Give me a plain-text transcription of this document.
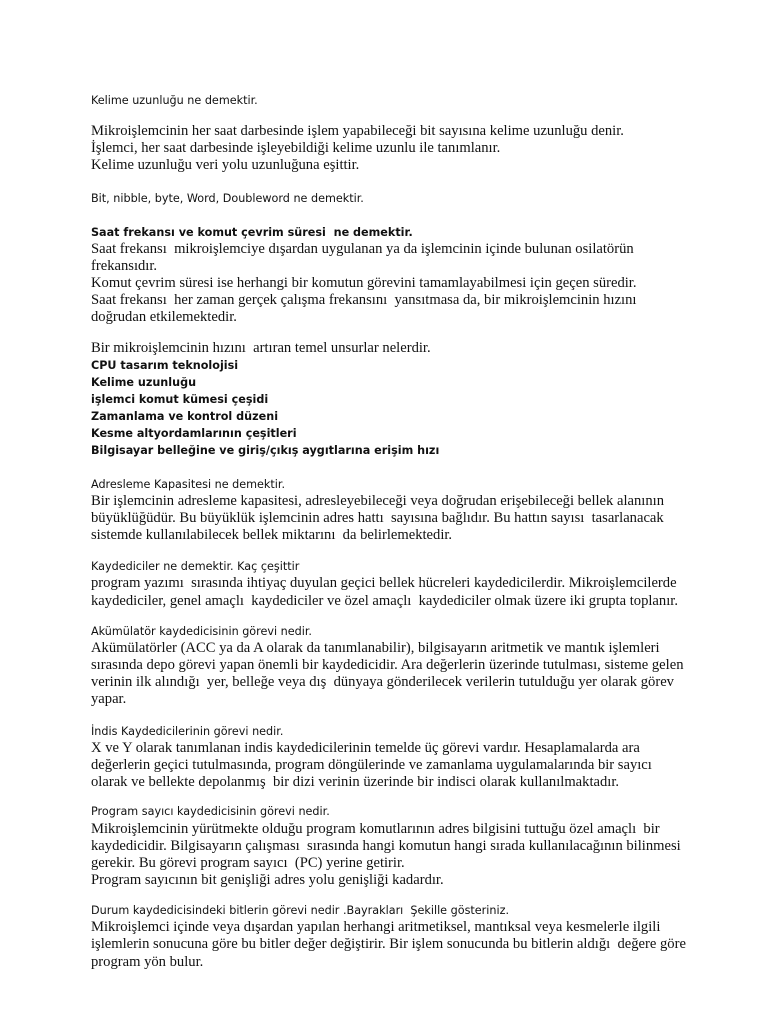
Kelime uzunluğu ne demektir.
Mikroişlemcinin her saat darbesinde işlem yapabileceği bit sayısına kelime uzunluğu denir.
İşlemci, her saat darbesinde işleyebildiği kelime uzunlu ile tanımlanır.
Kelime uzunluğu veri yolu uzunluğuna eşittir.
Bit, nibble, byte, Word, Doubleword ne demektir.
Saat frekansı ve komut çevrim süresi  ne demektir.
Saat frekansı  mikroişlemciye dışardan uygulanan ya da işlemcinin içinde bulunan osilatörün
frekansıdır.
Komut çevrim süresi ise herhangi bir komutun görevini tamamlayabilmesi için geçen süredir.
Saat frekansı  her zaman gerçek çalışma frekansını  yansıtmasa da, bir mikroişlemcinin hızını
doğrudan etkilemektedir.
Bir mikroişlemcinin hızını  artıran temel unsurlar nelerdir.
CPU tasarım teknolojisi
Kelime uzunluğu
işlemci komut kümesi çeşidi
Zamanlama ve kontrol düzeni
Kesme altyordamlarının çeşitleri
Bilgisayar belleğine ve giriş/çıkış aygıtlarına erişim hızı
Adresleme Kapasitesi ne demektir.
Bir işlemcinin adresleme kapasitesi, adresleyebileceği veya doğrudan erişebileceği bellek alanının
büyüklüğüdür. Bu büyüklük işlemcinin adres hattı  sayısına bağlıdır. Bu hattın sayısı  tasarlanacak
sistemde kullanılabilecek bellek miktarını  da belirlemektedir.
Kaydediciler ne demektir. Kaç çeşittir
program yazımı  sırasında ihtiyaç duyulan geçici bellek hücreleri kaydedicilerdir. Mikroişlemcilerde
kaydediciler, genel amaçlı  kaydediciler ve özel amaçlı  kaydediciler olmak üzere iki grupta toplanır.
Akümülatör kaydedicisinin görevi nedir.
Akümülatörler (ACC ya da A olarak da tanımlanabilir), bilgisayarın aritmetik ve mantık işlemleri
sırasında depo görevi yapan önemli bir kaydedicidir. Ara değerlerin üzerinde tutulması, sisteme gelen
verinin ilk alındığı  yer, belleğe veya dış  dünyaya gönderilecek verilerin tutulduğu yer olarak görev
yapar.
İndis Kaydedicilerinin görevi nedir.
X ve Y olarak tanımlanan indis kaydedicilerinin temelde üç görevi vardır. Hesaplamalarda ara
değerlerin geçici tutulmasında, program döngülerinde ve zamanlama uygulamalarında bir sayıcı
olarak ve bellekte depolanmış  bir dizi verinin üzerinde bir indisci olarak kullanılmaktadır.
Program sayıcı kaydedicisinin görevi nedir.
Mikroişlemcinin yürütmekte olduğu program komutlarının adres bilgisini tuttuğu özel amaçlı  bir
kaydedicidir. Bilgisayarın çalışması  sırasında hangi komutun hangi sırada kullanılacağının bilinmesi
gerekir. Bu görevi program sayıcı  (PC) yerine getirir.
Program sayıcının bit genişliği adres yolu genişliği kadardır.
Durum kaydedicisindeki bitlerin görevi nedir .Bayrakları  Şekille gösteriniz.
Mikroişlemci içinde veya dışardan yapılan herhangi aritmetiksel, mantıksal veya kesmelerle ilgili
işlemlerin sonucuna göre bu bitler değer değiştirir. Bir işlem sonucunda bu bitlerin aldığı  değere göre
program yön bulur.
